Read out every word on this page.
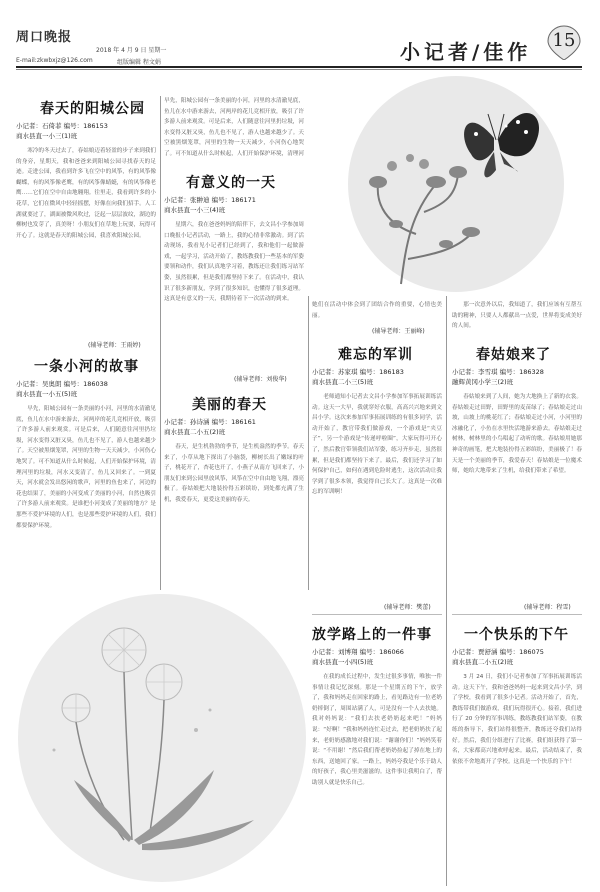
周口晚报
2018 年 4 月 9 日 星期一
E-mail:zkwbxjz@126.com	组版编辑 程文娟	小记者/佳作	15
春天的阳城公园
小记者：石倚菲 编号：186153
商水县直一小三(1)班
寒冷的冬天过去了，春姑娘迈着轻盈的步子来到我们的身旁，星期天，我和爸爸来到阳城公园寻找春天的足迹。走进公园，我看到许多飞在空中的风筝，有的风筝像蝴蝶，有的风筝像老鹰，有的风筝像蜻蜓，有的风筝像老鹰……它们在空中自由地翱翔。往里走，我看到许多的小花草，它们在微风中轻轻摇摆，好像在向我们招手。人工湖就要过了，湖面被微风吹过，泛起一层层波纹，湖边的柳树也发芽了，真美呀！小朋友们在草地上玩耍，玩得可开心了。这就是春天的阳城公园，我喜欢阳城公园。
(辅导老师：王雨婷)
一条小河的故事
小记者：吴奥朗 编号：186038
商水县直一小五(5)班
早先，阳城公园有一条美丽的小河，河里的水清澈见底，鱼儿在水中游来游去，河两岸的花儿竞相开放，吸引了许多游人前来观赏。可是后来，人们随意往河里扔垃圾，河水变得又脏又臭，鱼儿也不见了，游人也越来越少了。天空被黑烟笼罩，河里的生物一天天减少，小河伤心地哭了。可不知道从什么时候起，人们开始保护环境，清理河里的垃圾，河水又变清了，鱼儿又回来了。一到夏天，河水就会发出悠闲的歌声，河里的鱼也来了，河边的花也结果了，美丽的小河变成了美丽的小河，自然也吸引了许多游人前来观赏。是谁把小河变成了美丽的地方？是那些不爱护环境的人们，也是那些爱护环境的人们，我们都要保护环境。
早先，阳城公园有一条美丽的小河，河里的水清澈见底，鱼儿在水中游来游去，河两岸的花儿竞相开放，吸引了许多游人前来观赏。可是后来，人们随意往河里扔垃圾，河水变得又脏又臭，鱼儿也不见了，游人也越来越少了。天空被黑烟笼罩，河里的生物一天天减少，小河伤心地哭了。可不知道从什么时候起，人们开始保护环境，清理河
有意义的一天
小记者：张翀迪 编号：186171
商水县直一小三(4)班
星期六，我在爸爸妈妈的陪伴下，去文昌小学参加周口晚报小记者活动，一路上，我的心情非常激动。到了活动现场，我看见小记者们已经到了，我和他们一起做游戏，一起学习，活动开始了，教练教我们一些基本的军姿要领和动作，我们认真地学习着，教练还让我们练习站军姿，虽然很累，但是我们都坚持下来了。在活动中，我认识了很多新朋友，学到了很多知识，也懂得了很多道理。这真是有意义的一天，我期待着下一次活动的到来。
(辅导老师：刘俊华)
美丽的春天
小记者：孙诗涵 编号：186161
商水县直二小五(2)班
春天，是生机勃勃的季节，是生机盎然的季节。春天来了，小草从地下探出了小脑袋，柳树长出了嫩绿的叶子，桃花开了，杏花也开了，小燕子从南方飞回来了，小朋友们来到公园里放风筝，风筝在空中自由地飞翔，漂亮极了。春姑娘把大地装扮得五彩缤纷，到处都充满了生机，我爱春天，更爱这美丽的春天。
她们在活动中体会到了团结合作的重要，心情也美丽。
(辅导老师：王丽峰)
难忘的军训
小记者：苏家琪 编号：186183
商水县直二小三(5)班
老师通知小记者去文昌小学参加军事拓展训练活动。这天一大早，我就穿好衣服，高高兴兴地来到文昌小学。这次来参加军事拓展训练的有很多同学，活动开始了，教官带我们做游戏，一个游戏是“夹豆子”，另一个游戏是“传递呼啦圈”，大家玩得可开心了，然后教官带领我们站军姿，练习齐步走，虽然很累，但是我们都坚持下来了。最后，我们还学习了如何保护自己，如何在遇到危险时逃生，这次活动让我学到了很多本领，我觉得自己长大了。这真是一次难忘的军训啊！
(辅导老师：樊蕾)
放学路上的一件事
小记者：刘博翔 编号：186066
商水县直一小四(5)班
在我的成长过程中，发生过很多事情，唯独一件事情让我记忆深刻。那是一个星期五的下午，放学了，我和妈妈走在回家的路上，看见路边有一位老奶奶摔倒了，周围站满了人，可是没有一个人去扶她。我对妈妈说：“我们去扶老奶奶起来吧！”妈妈说：“好啊！”我和妈妈连忙走过去，把老奶奶扶了起来，老奶奶感激地对我们说：“谢谢你们！”妈妈笑着说：“不用谢！”然后我们帮老奶奶捡起了掉在地上的东西，送她回了家。一路上，妈妈夸我是个乐于助人的好孩子，我心里美滋滋的。这件事让我明白了，帮助别人就是快乐自己。
那一次意外以后，我知道了，我们应该有互帮互助的精神，只要人人都献出一点爱，世界将变成美好的人间。
春姑娘来了
小记者：李雪琪 编号：186328
融辉黄冈小学三(2)班
春姑娘来到了人间，她为大地换上了新的衣裳。春姑娘走过田野，田野里的麦苗绿了；春姑娘走过山坡，山坡上的桃花红了；春姑娘走过小河，小河里的冰融化了，小鱼在水里快活地游来游去。春姑娘走过树林，树林里的小鸟唱起了动听的歌。春姑娘用她那神奇的画笔，把大地装扮得五彩缤纷，美丽极了！春天是一个美丽的季节，我爱春天！春姑娘是一位魔术师，她给大地带来了生机，给我们带来了希望。
(辅导老师：程雪)
一个快乐的下午
小记者：贾舒涵 编号：186075
商水县直二小五(2)班
3 月 24 日，我们小记者参加了军事拓展训练活动。这天下午，我和爸爸妈妈一起来到文昌小学，到了学校，我看到了很多小记者。活动开始了，首先，教练带我们做游戏，我们玩得很开心。接着，我们进行了 20 分钟的军事训练，教练教我们站军姿，在教练的指导下，我们站得很整齐，教练还夸我们站得好。然后，我们分组进行了比赛，我们组获得了第一名，大家都高兴地欢呼起来。最后，活动结束了，我依依不舍地离开了学校。这真是一个快乐的下午！
